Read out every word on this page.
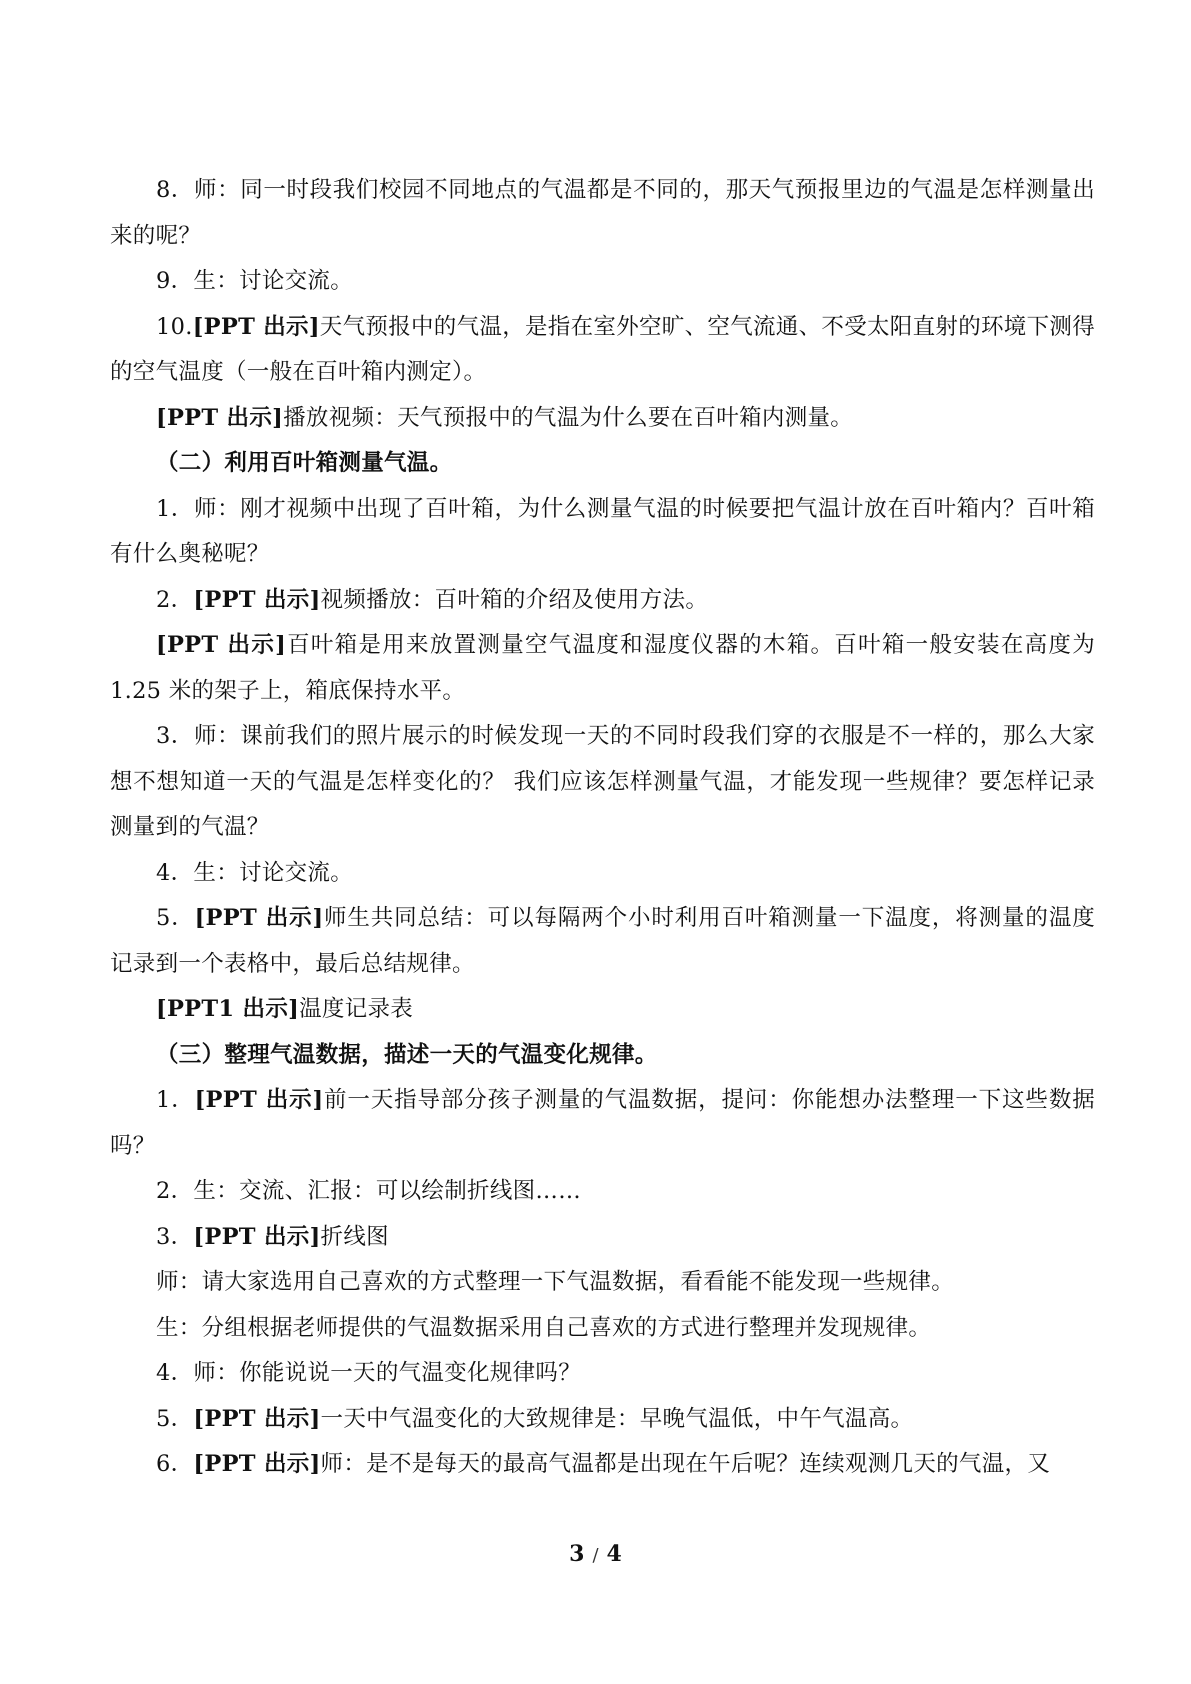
8．师：同一时段我们校园不同地点的气温都是不同的，那天气预报里边的气温是怎样测量出来的呢？

9．生：讨论交流。

10.[PPT 出示]天气预报中的气温，是指在室外空旷、空气流通、不受太阳直射的环境下测得的空气温度（一般在百叶箱内测定）。

[PPT 出示]播放视频：天气预报中的气温为什么要在百叶箱内测量。

（二）利用百叶箱测量气温。

1．师：刚才视频中出现了百叶箱，为什么测量气温的时候要把气温计放在百叶箱内？百叶箱有什么奥秘呢？

2．[PPT 出示]视频播放：百叶箱的介绍及使用方法。

[PPT 出示]百叶箱是用来放置测量空气温度和湿度仪器的木箱。百叶箱一般安装在高度为 1.25 米的架子上，箱底保持水平。

3．师：课前我们的照片展示的时候发现一天的不同时段我们穿的衣服是不一样的，那么大家想不想知道一天的气温是怎样变化的？ 我们应该怎样测量气温，才能发现一些规律？要怎样记录测量到的气温？

4．生：讨论交流。

5．[PPT 出示]师生共同总结：可以每隔两个小时利用百叶箱测量一下温度，将测量的温度记录到一个表格中，最后总结规律。

[PPT1 出示]温度记录表

（三）整理气温数据，描述一天的气温变化规律。

1．[PPT 出示]前一天指导部分孩子测量的气温数据，提问：你能想办法整理一下这些数据吗？

2．生：交流、汇报：可以绘制折线图……

3．[PPT 出示]折线图

师：请大家选用自己喜欢的方式整理一下气温数据，看看能不能发现一些规律。

生：分组根据老师提供的气温数据采用自己喜欢的方式进行整理并发现规律。

4．师：你能说说一天的气温变化规律吗？

5．[PPT 出示]一天中气温变化的大致规律是：早晚气温低，中午气温高。

6．[PPT 出示]师：是不是每天的最高气温都是出现在午后呢？连续观测几天的气温，又

3 / 4
